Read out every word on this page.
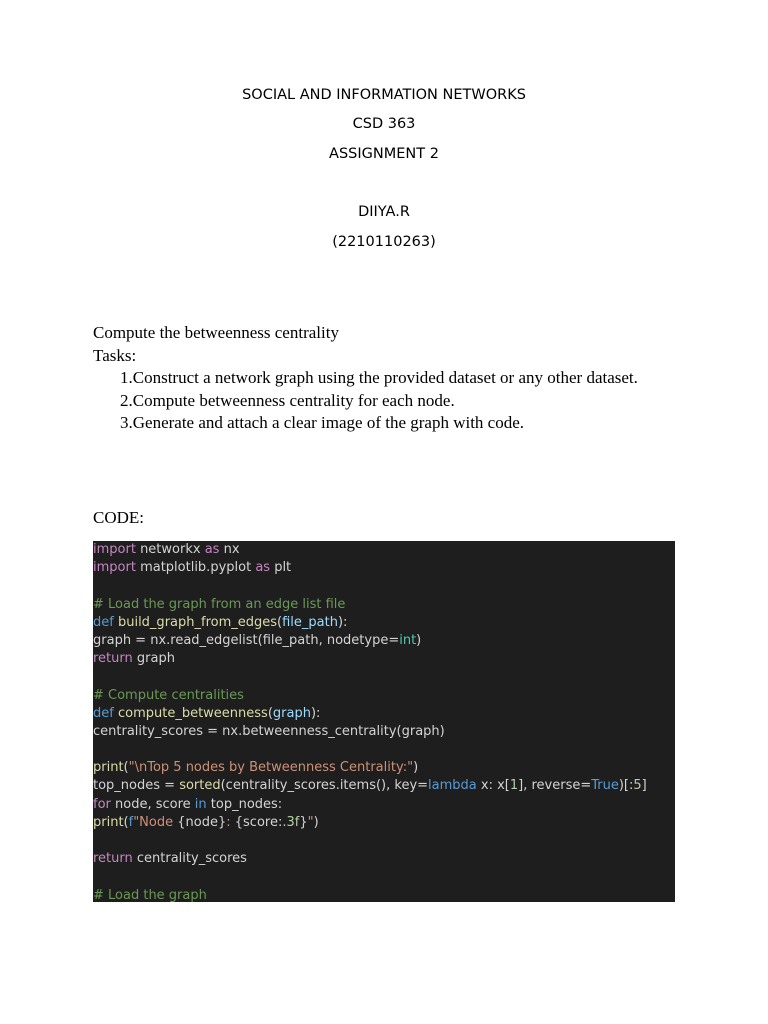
SOCIAL AND INFORMATION NETWORKS
CSD 363
ASSIGNMENT 2
DIIYA.R
(2210110263)
Compute the betweenness centrality
Tasks:
1.Construct a network graph using the provided dataset or any other dataset.
2.Compute betweenness centrality for each node.
3.Generate and attach a clear image of the graph with code.
CODE:
import networkx as nx
import matplotlib.pyplot as plt
# Load the graph from an edge list file
def build_graph_from_edges(file_path):
graph = nx.read_edgelist(file_path, nodetype=int)
return graph
# Compute centralities
def compute_betweenness(graph):
centrality_scores = nx.betweenness_centrality(graph)
print("\nTop 5 nodes by Betweenness Centrality:")
top_nodes = sorted(centrality_scores.items(), key=lambda x: x[1], reverse=True)[:5]
for node, score in top_nodes:
print(f"Node {node}: {score:.3f}")
return centrality_scores
# Load the graph
